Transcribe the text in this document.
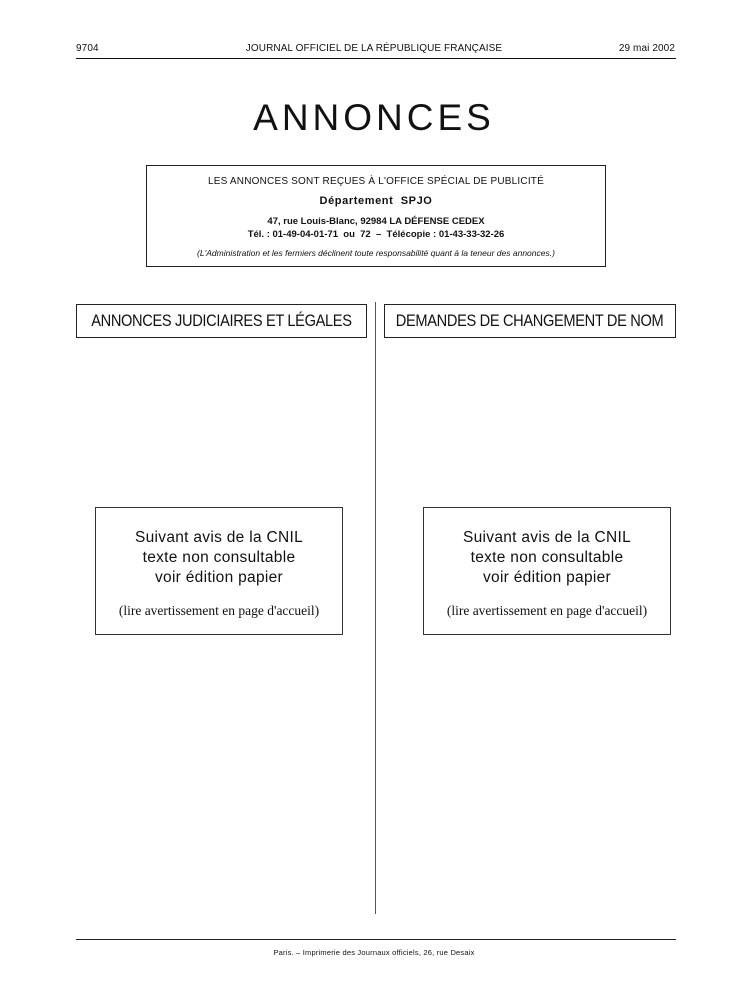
9704	JOURNAL OFFICIEL DE LA RÉPUBLIQUE FRANÇAISE	29 mai 2002
ANNONCES
LES ANNONCES SONT REÇUES À L'OFFICE SPÉCIAL DE PUBLICITÉ
Département  SPJO
47, rue Louis-Blanc, 92984 LA DÉFENSE CEDEX
Tél. : 01-49-04-01-71  ou  72  –  Télécopie : 01-43-33-32-26
(L'Administration et les fermiers déclinent toute responsabilité quant à la teneur des annonces.)
ANNONCES JUDICIAIRES ET LÉGALES	DEMANDES DE CHANGEMENT DE NOM
Suivant avis de la CNIL
texte non consultable
voir édition papier
(lire avertissement en page d'accueil)
Suivant avis de la CNIL
texte non consultable
voir édition papier
(lire avertissement en page d'accueil)
Paris. – Imprimerie des Journaux officiels, 26, rue Desaix
